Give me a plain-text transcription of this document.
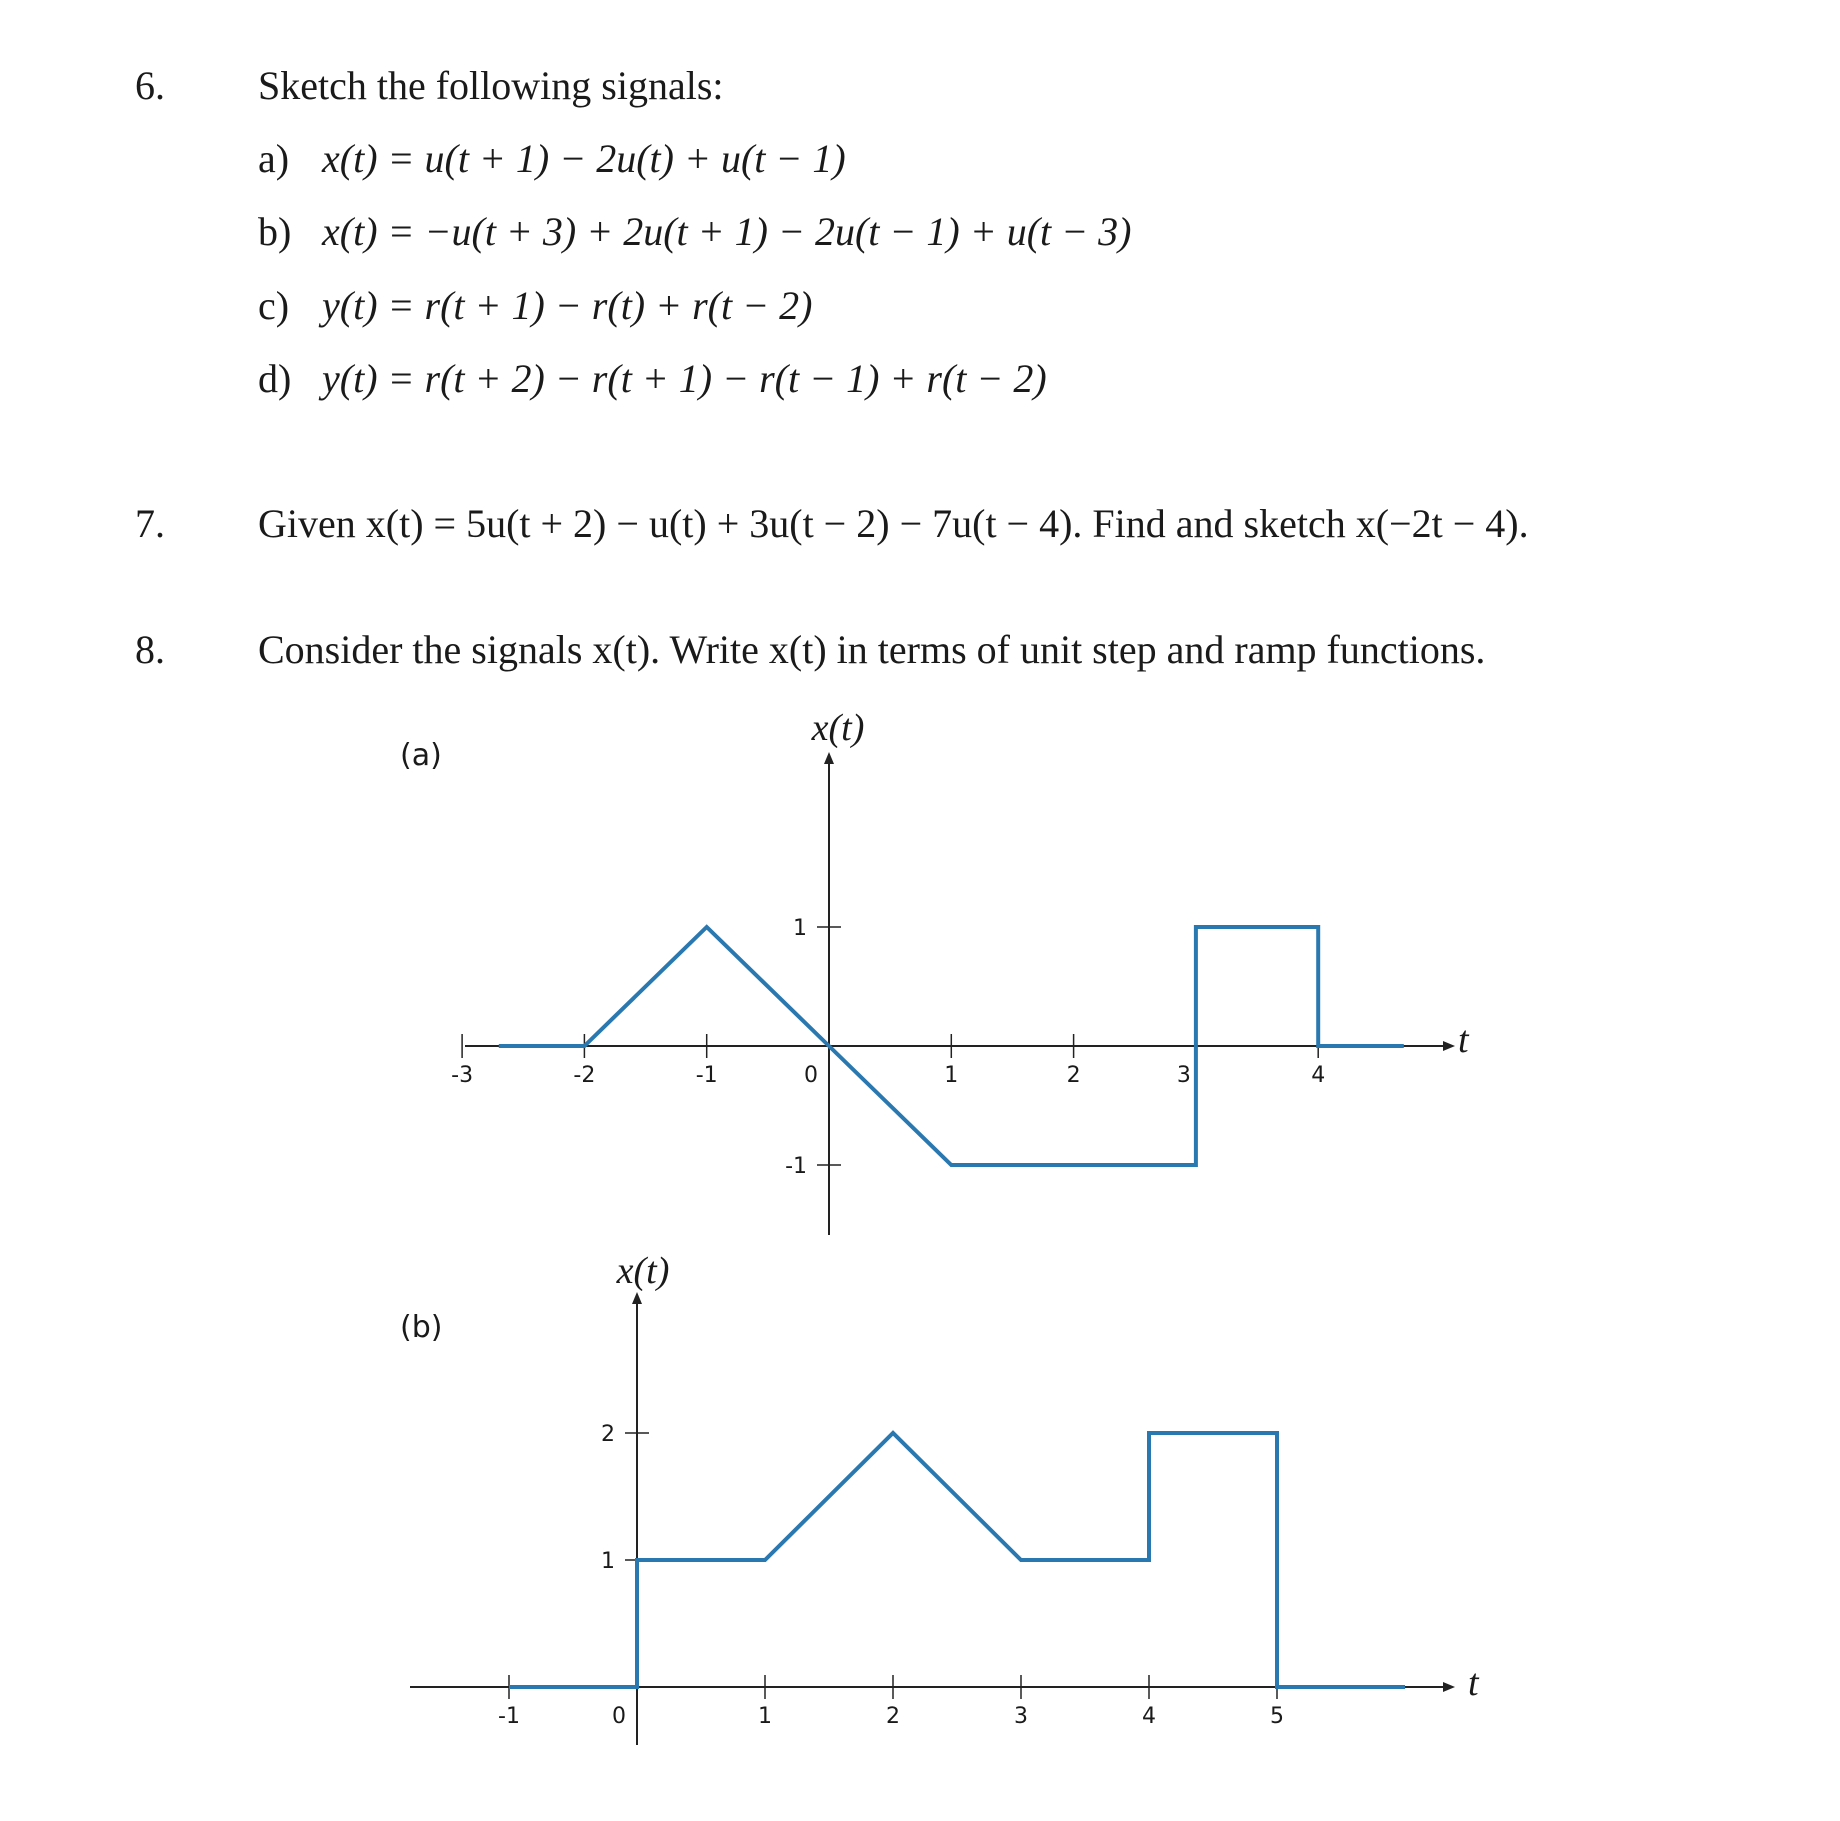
6. Sketch the following signals:
a) x(t) = u(t + 1) − 2u(t) + u(t − 1)
b) x(t) = −u(t + 3) + 2u(t + 1) − 2u(t − 1) + u(t − 3)
c) y(t) = r(t + 1) − r(t) + r(t − 2)
d) y(t) = r(t + 2) − r(t + 1) − r(t − 1) + r(t − 2)
7. Given x(t) = 5u(t + 2) − u(t) + 3u(t − 2) − 7u(t − 4). Find and sketch x(−2t − 4).
8. Consider the signals x(t). Write x(t) in terms of unit step and ramp functions.
(a)
x(t)
t
-3	-2	-1	0	1	2	3	4
1
-1
(b)
x(t)
t
-1	0	1	2	3	4	5
1
2
